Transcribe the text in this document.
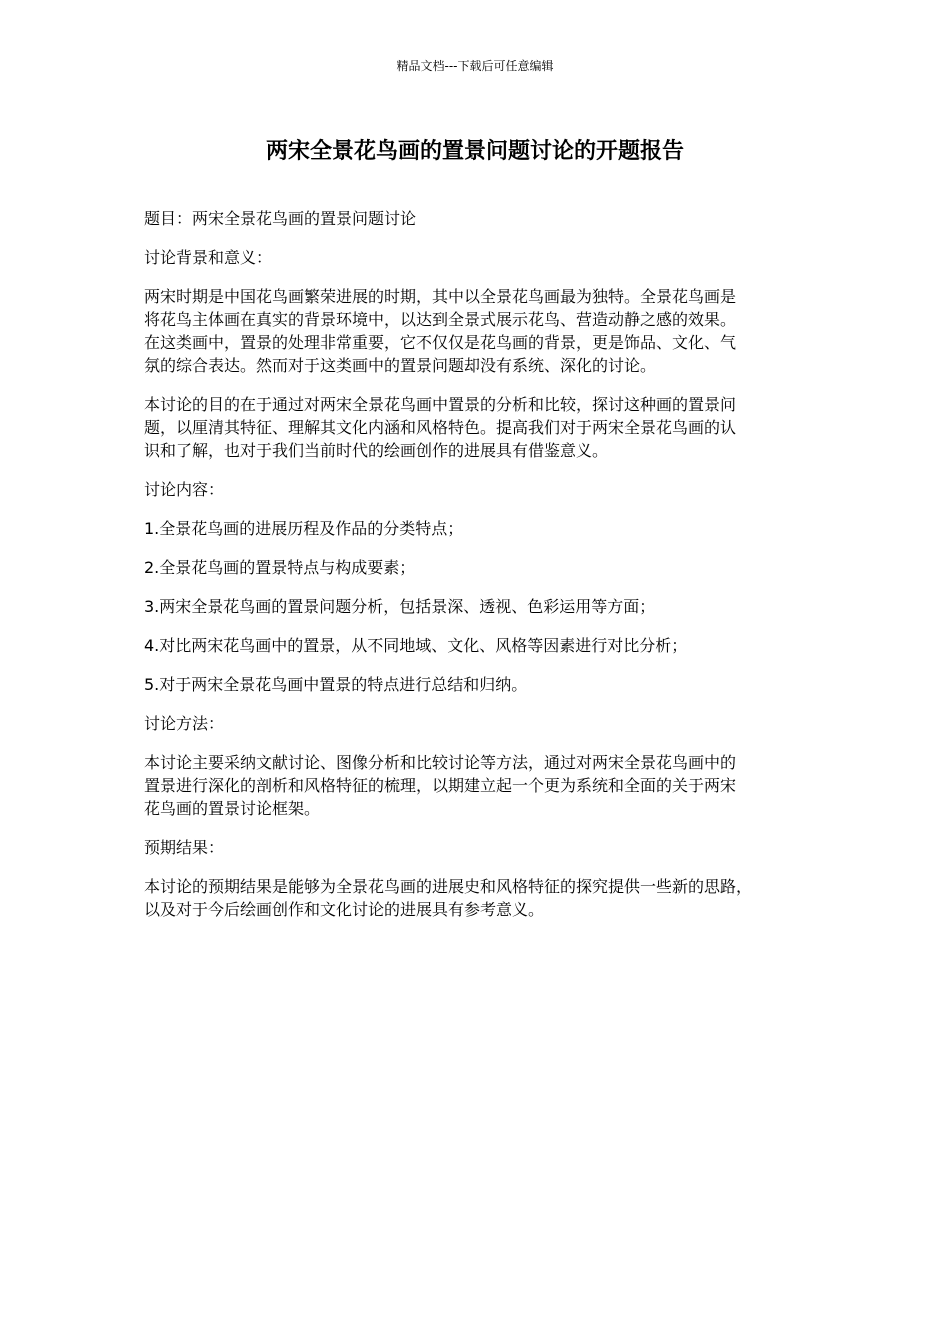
精品文档---下载后可任意编辑
两宋全景花鸟画的置景问题讨论的开题报告

题目：两宋全景花鸟画的置景问题讨论

讨论背景和意义：

两宋时期是中国花鸟画繁荣进展的时期，其中以全景花鸟画最为独特。全景花鸟画是
将花鸟主体画在真实的背景环境中，以达到全景式展示花鸟、营造动静之感的效果。
在这类画中，置景的处理非常重要，它不仅仅是花鸟画的背景，更是饰品、文化、气
氛的综合表达。然而对于这类画中的置景问题却没有系统、深化的讨论。

本讨论的目的在于通过对两宋全景花鸟画中置景的分析和比较，探讨这种画的置景问
题，以厘清其特征、理解其文化内涵和风格特色。提高我们对于两宋全景花鸟画的认
识和了解，也对于我们当前时代的绘画创作的进展具有借鉴意义。

讨论内容：

1.全景花鸟画的进展历程及作品的分类特点；

2.全景花鸟画的置景特点与构成要素；

3.两宋全景花鸟画的置景问题分析，包括景深、透视、色彩运用等方面；

4.对比两宋花鸟画中的置景，从不同地域、文化、风格等因素进行对比分析；

5.对于两宋全景花鸟画中置景的特点进行总结和归纳。

讨论方法：

本讨论主要采纳文献讨论、图像分析和比较讨论等方法，通过对两宋全景花鸟画中的
置景进行深化的剖析和风格特征的梳理，以期建立起一个更为系统和全面的关于两宋
花鸟画的置景讨论框架。

预期结果：

本讨论的预期结果是能够为全景花鸟画的进展史和风格特征的探究提供一些新的思路，
以及对于今后绘画创作和文化讨论的进展具有参考意义。
